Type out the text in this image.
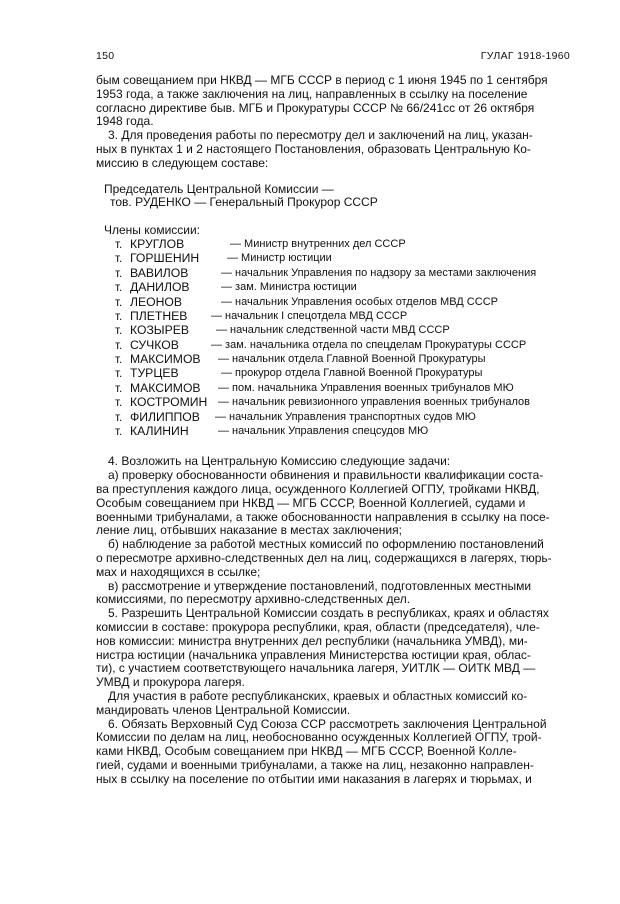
150	ГУЛАГ 1918-1960
бым совещанием при НКВД — МГБ СССР в период с 1 июня 1945 по 1 сентября
1953 года, а также заключения на лиц, направленных в ссылку на поселение
согласно директиве быв. МГБ и Прокуратуры СССР № 66/241сс от 26 октября
1948 года.
3. Для проведения работы по пересмотру дел и заключений на лиц, указан-
ных в пунктах 1 и 2 настоящего Постановления, образовать Центральную Ко-
миссию в следующем составе:
Председатель Центральной Комиссии —
тов. РУДЕНКО — Генеральный Прокурор СССР
Члены комиссии:
т. КРУГЛОВ	— Министр внутренних дел СССР
т. ГОРШЕНИН	— Министр юстиции
т. ВАВИЛОВ	— начальник Управления по надзору за местами заключения
т. ДАНИЛОВ	— зам. Министра юстиции
т. ЛЕОНОВ	— начальник Управления особых отделов МВД СССР
т. ПЛЕТНЕВ — начальник I спецотдела МВД СССР
т. КОЗЫРЕВ — начальник следственной части МВД СССР
т. СУЧКОВ	— зам. начальника отдела по спецделам Прокуратуры СССР
т. МАКСИМОВ — начальник отдела Главной Военной Прокуратуры
т. ТУРЦЕВ	— прокурор отдела Главной Военной Прокуратуры
т. МАКСИМОВ — пом. начальника Управления военных трибуналов МЮ
т. КОСТРОМИН — начальник ревизионного управления военных трибуналов
т. ФИЛИППОВ — начальник Управления транспортных судов МЮ
т. КАЛИНИН	— начальник Управления спецсудов МЮ
4. Возложить на Центральную Комиссию следующие задачи:
а) проверку обоснованности обвинения и правильности квалификации соста-
ва преступления каждого лица, осужденного Коллегией ОГПУ, тройками НКВД,
Особым совещанием при НКВД — МГБ СССР, Военной Коллегией, судами и
военными трибуналами, а также обоснованности направления в ссылку на посе-
ление лиц, отбывших наказание в местах заключения;
б) наблюдение за работой местных комиссий по оформлению постановлений
о пересмотре архивно-следственных дел на лиц, содержащихся в лагерях, тюрь-
мах и находящихся в ссылке;
в) рассмотрение и утверждение постановлений, подготовленных местными
комиссиями, по пересмотру архивно-следственных дел.
5. Разрешить Центральной Комиссии создать в республиках, краях и областях
комиссии в составе: прокурора республики, края, области (председателя), чле-
нов комиссии: министра внутренних дел республики (начальника УМВД), ми-
нистра юстиции (начальника управления Министерства юстиции края, облас-
ти), с участием соответствующего начальника лагеря, УИТЛК — ОИТК МВД —
УМВД и прокурора лагеря.
Для участия в работе республиканских, краевых и областных комиссий ко-
мандировать членов Центральной Комиссии.
6. Обязать Верховный Суд Союза ССР рассмотреть заключения Центральной
Комиссии по делам на лиц, необоснованно осужденных Коллегией ОГПУ, трой-
ками НКВД, Особым совещанием при НКВД — МГБ СССР, Военной Колле-
гией, судами и военными трибуналами, а также на лиц, незаконно направлен-
ных в ссылку на поселение по отбытии ими наказания в лагерях и тюрьмах, и
